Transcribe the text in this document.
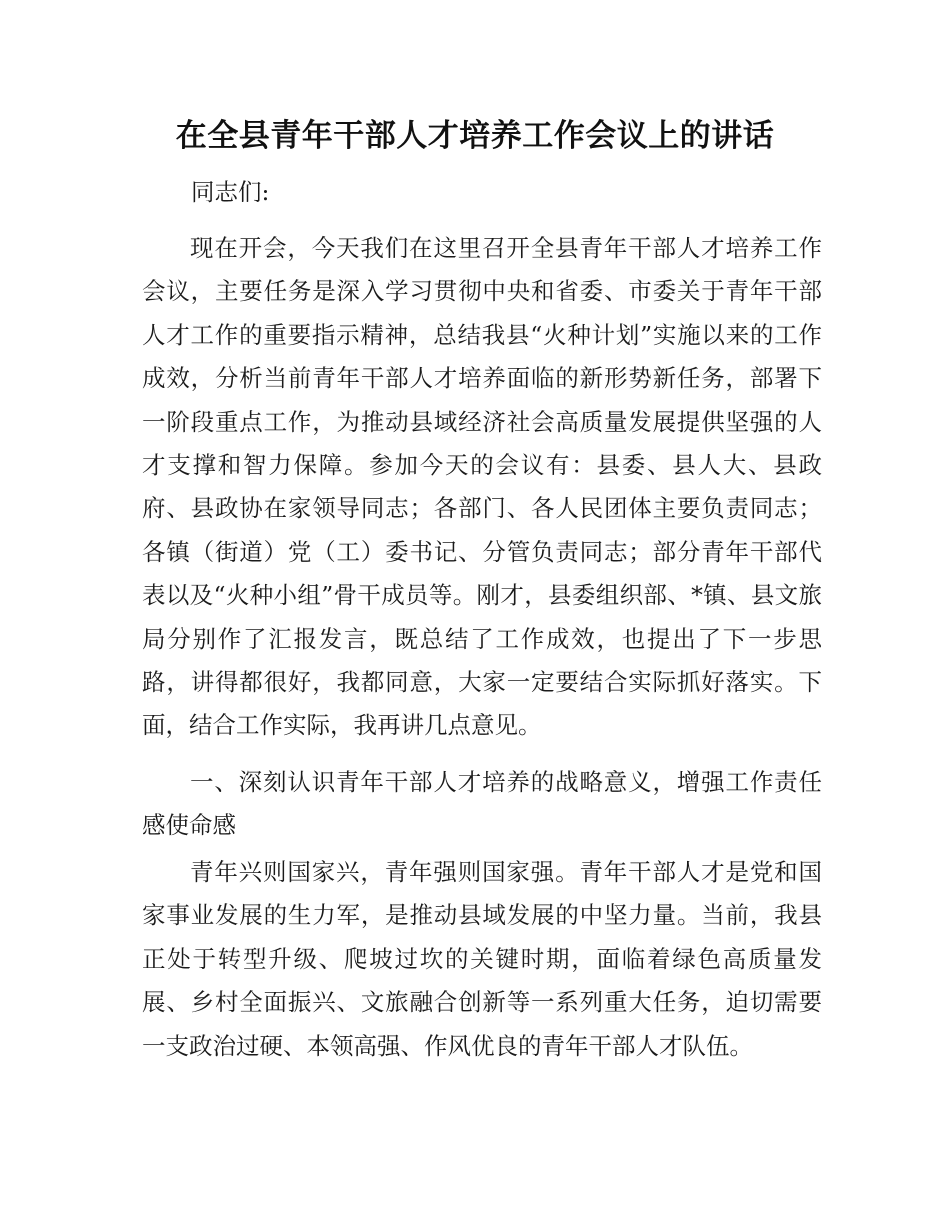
在全县青年干部人才培养工作会议上的讲话
同志们:
现在开会，今天我们在这里召开全县青年干部人才培养工作会议，主要任务是深入学习贯彻中央和省委、市委关于青年干部人才工作的重要指示精神，总结我县“火种计划”实施以来的工作成效，分析当前青年干部人才培养面临的新形势新任务，部署下一阶段重点工作，为推动县域经济社会高质量发展提供坚强的人才支撑和智力保障。参加今天的会议有：县委、县人大、县政府、县政协在家领导同志；各部门、各人民团体主要负责同志；各镇（街道）党（工）委书记、分管负责同志；部分青年干部代表以及“火种小组”骨干成员等。刚才，县委组织部、*镇、县文旅局分别作了汇报发言，既总结了工作成效，也提出了下一步思路，讲得都很好，我都同意，大家一定要结合实际抓好落实。下面，结合工作实际，我再讲几点意见。
一、深刻认识青年干部人才培养的战略意义，增强工作责任感使命感
青年兴则国家兴，青年强则国家强。青年干部人才是党和国家事业发展的生力军，是推动县域发展的中坚力量。当前，我县正处于转型升级、爬坡过坎的关键时期，面临着绿色高质量发展、乡村全面振兴、文旅融合创新等一系列重大任务，迫切需要一支政治过硬、本领高强、作风优良的青年干部人才队伍。
